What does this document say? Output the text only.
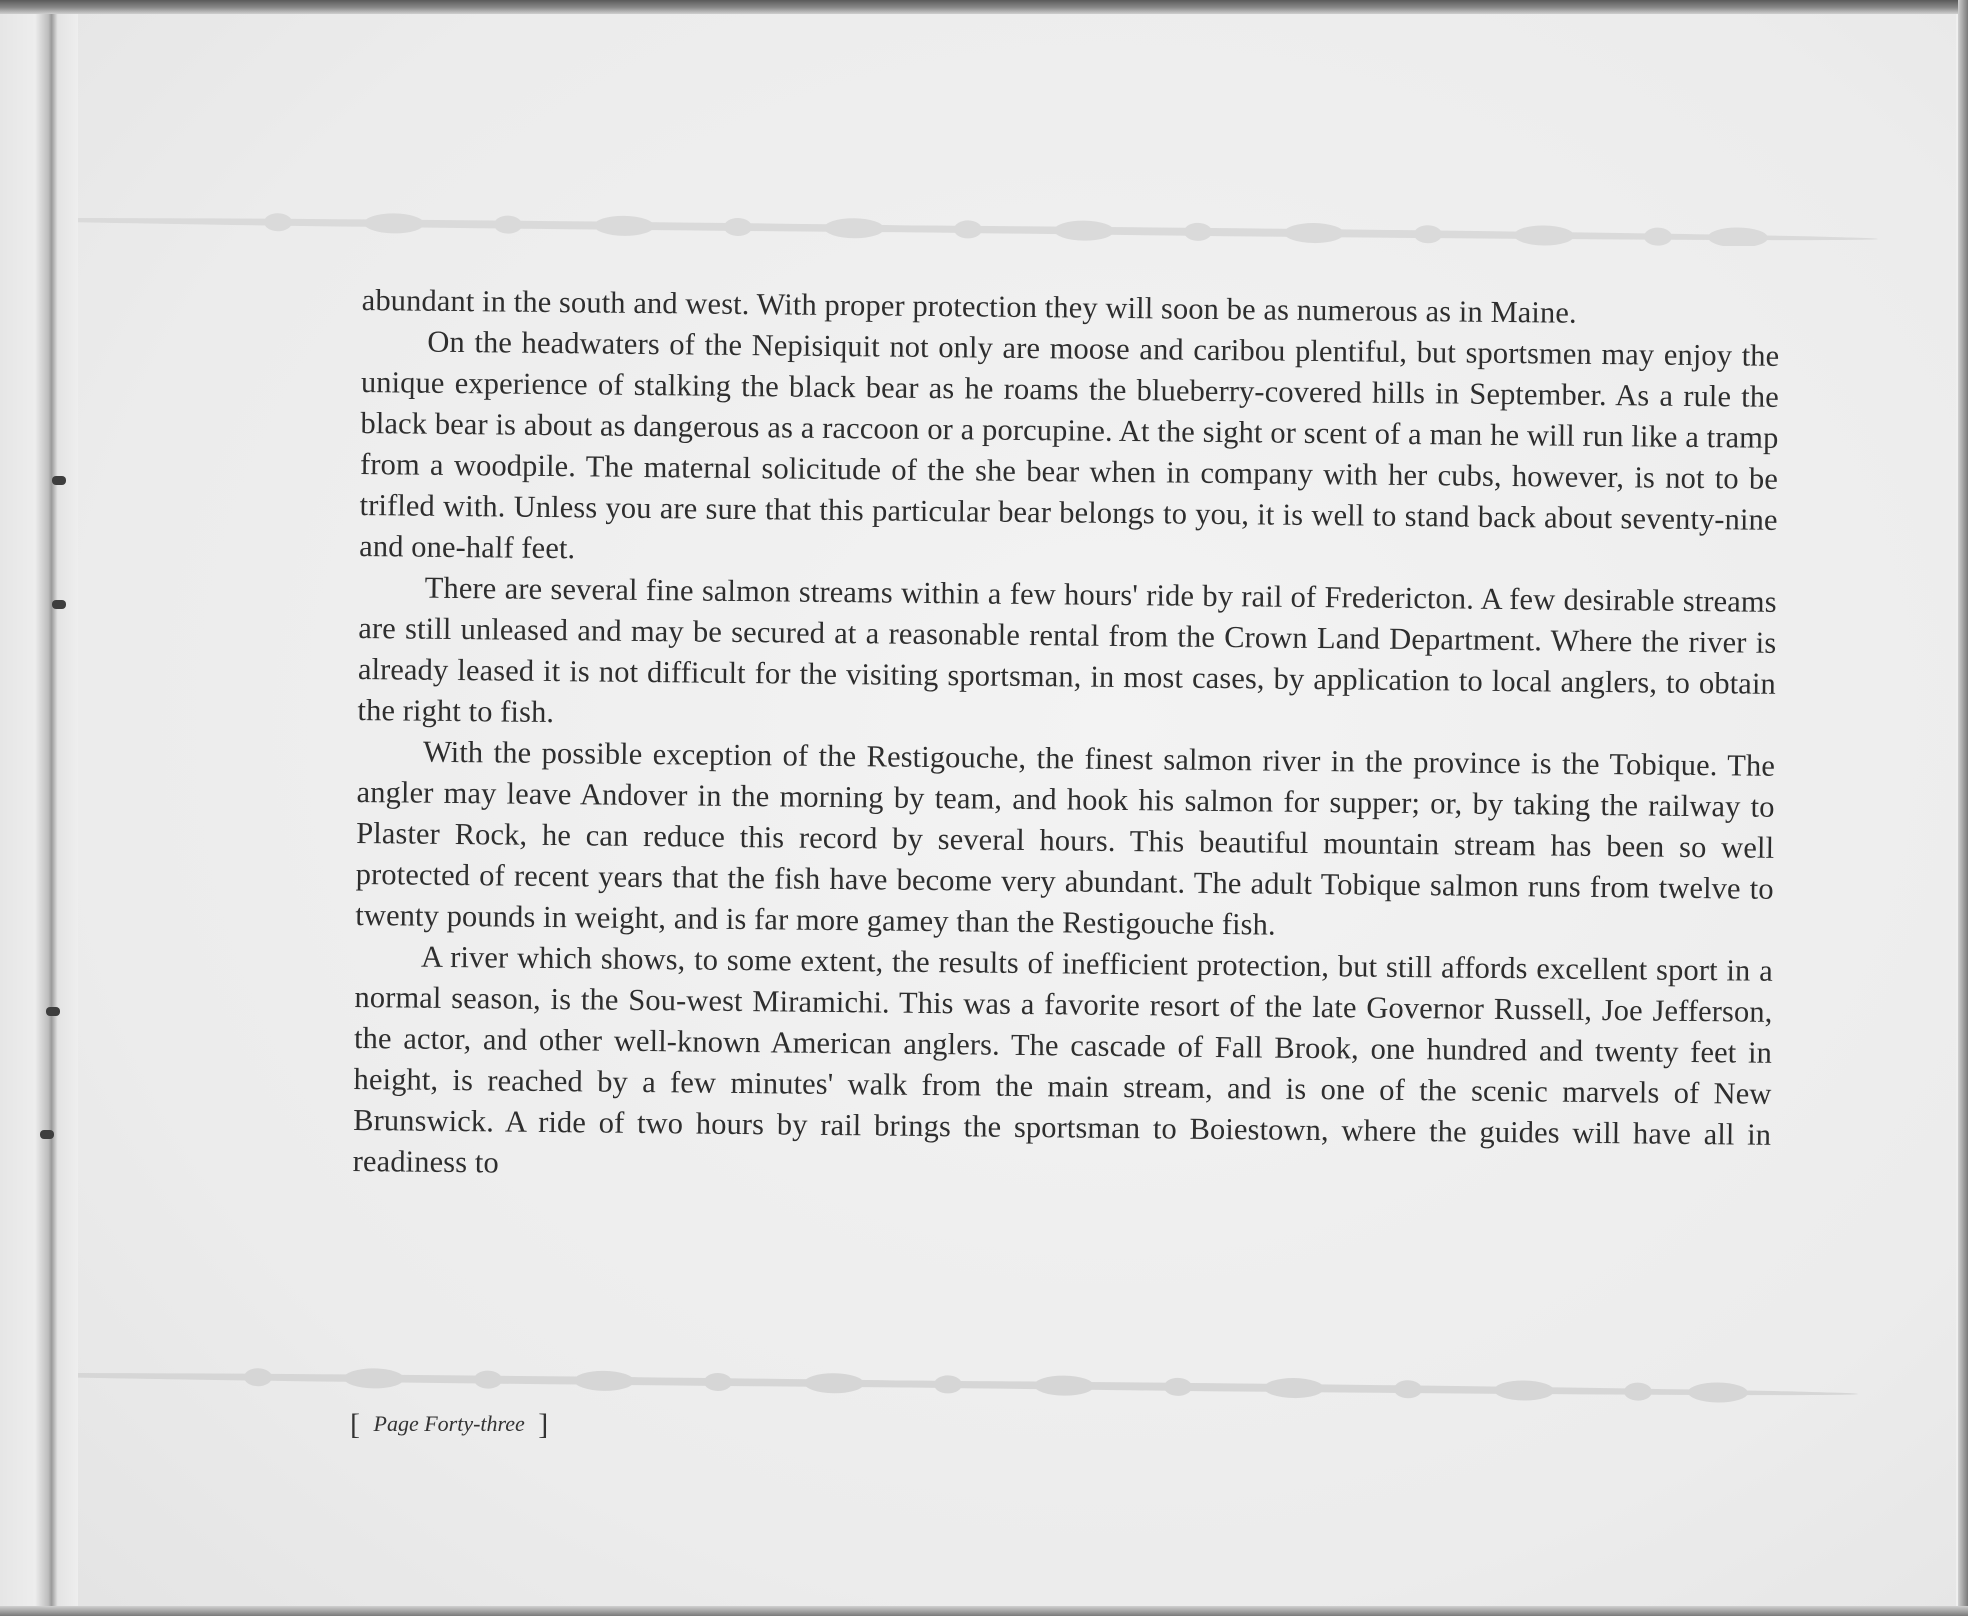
abundant in the south and west. With proper protection they will soon be as numerous as in Maine.

On the headwaters of the Nepisiquit not only are moose and caribou plentiful, but sportsmen may enjoy the unique experience of stalking the black bear as he roams the blueberry-covered hills in September. As a rule the black bear is about as dangerous as a raccoon or a porcupine. At the sight or scent of a man he will run like a tramp from a woodpile. The maternal solicitude of the she bear when in company with her cubs, however, is not to be trifled with. Unless you are sure that this particular bear belongs to you, it is well to stand back about seventy-nine and one-half feet.

There are several fine salmon streams within a few hours' ride by rail of Fredericton. A few desirable streams are still unleased and may be secured at a reasonable rental from the Crown Land Department. Where the river is already leased it is not difficult for the visiting sportsman, in most cases, by application to local anglers, to obtain the right to fish.

With the possible exception of the Restigouche, the finest salmon river in the province is the Tobique. The angler may leave Andover in the morning by team, and hook his salmon for supper; or, by taking the railway to Plaster Rock, he can reduce this record by several hours. This beautiful mountain stream has been so well protected of recent years that the fish have become very abundant. The adult Tobique salmon runs from twelve to twenty pounds in weight, and is far more gamey than the Restigouche fish.

A river which shows, to some extent, the results of inefficient protection, but still affords excellent sport in a normal season, is the Sou-west Miramichi. This was a favorite resort of the late Governor Russell, Joe Jefferson, the actor, and other well-known American anglers. The cascade of Fall Brook, one hundred and twenty feet in height, is reached by a few minutes' walk from the main stream, and is one of the scenic marvels of New Brunswick. A ride of two hours by rail brings the sportsman to Boiestown, where the guides will have all in readiness to

[ Page Forty-three ]
